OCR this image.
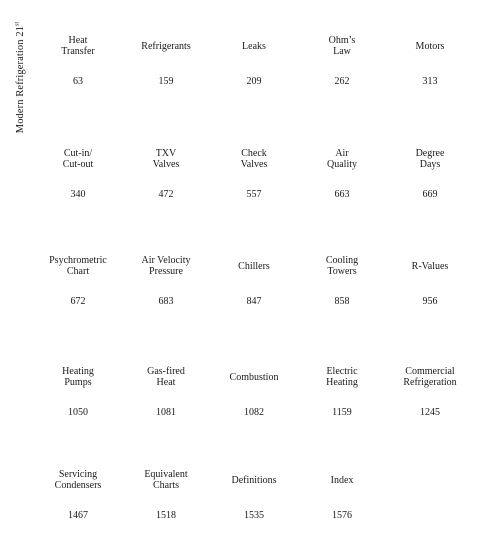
Modern Refrigeration 21st
Heat
Transfer
63
Refrigerants
159
Leaks
209
Ohm’s
Law
262
Motors
313
Cut-in/
Cut-out
340
TXV
Valves
472
Check
Valves
557
Air
Quality
663
Degree
Days
669
Psychrometric
Chart
672
Air Velocity
Pressure
683
Chillers
847
Cooling
Towers
858
R-Values
956
Heating
Pumps
1050
Gas-fired
Heat
1081
Combustion
1082
Electric
Heating
1159
Commercial
Refrigeration
1245
Servicing
Condensers
1467
Equivalent
Charts
1518
Definitions
1535
Index
1576
